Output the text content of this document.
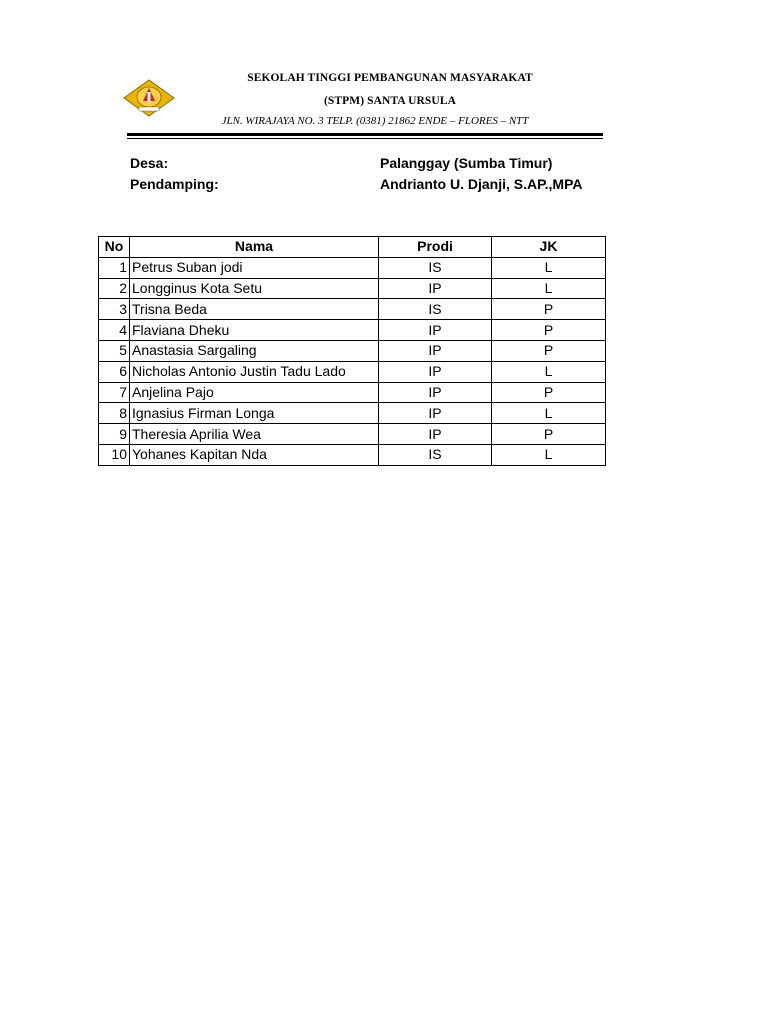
SEKOLAH TINGGI PEMBANGUNAN MASYARAKAT
(STPM) SANTA URSULA
JLN. WIRAJAYA NO. 3 TELP. (0381) 21862 ENDE – FLORES – NTT
Desa:	Palanggay (Sumba Timur)
Pendamping:	Andrianto U. Djanji, S.AP.,MPA
No	Nama	Prodi	JK
1	Petrus Suban jodi	IS	L
2	Longginus Kota Setu	IP	L
3	Trisna Beda	IS	P
4	Flaviana Dheku	IP	P
5	Anastasia Sargaling	IP	P
6	Nicholas Antonio Justin Tadu Lado	IP	L
7	Anjelina Pajo	IP	P
8	Ignasius Firman Longa	IP	L
9	Theresia Aprilia Wea	IP	P
10	Yohanes Kapitan Nda	IS	L
